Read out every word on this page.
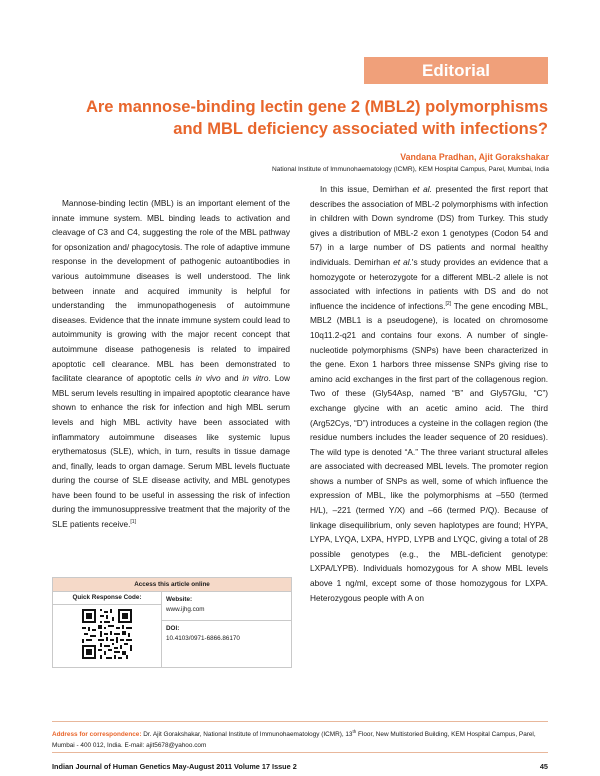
Editorial
Are mannose-binding lectin gene 2 (MBL2) polymorphisms
and MBL deficiency associated with infections?
Vandana Pradhan, Ajit Gorakshakar
National Institute of Immunohaematology (ICMR), KEM Hospital Campus, Parel, Mumbai, India

Mannose-binding lectin (MBL) is an important element of the innate immune system. MBL binding leads to activation and cleavage of C3 and C4, suggesting the role of the MBL pathway for opsonization and/ phagocytosis. The role of adaptive immune response in the development of pathogenic autoantibodies in various autoimmune diseases is well understood. The link between innate and acquired immunity is helpful for understanding the immunopathogenesis of autoimmune diseases. Evidence that the innate immune system could lead to autoimmunity is growing with the major recent concept that autoimmune disease pathogenesis is related to impaired apoptotic cell clearance. MBL has been demonstrated to facilitate clearance of apoptotic cells in vivo and in vitro. Low MBL serum levels resulting in impaired apoptotic clearance have shown to enhance the risk for infection and high MBL serum levels and high MBL activity have been associated with inflammatory autoimmune diseases like systemic lupus erythematosus (SLE), which, in turn, results in tissue damage and, finally, leads to organ damage. Serum MBL levels fluctuate during the course of SLE disease activity, and MBL genotypes have been found to be useful in assessing the risk of infection during the immunosuppressive treatment that the majority of the SLE patients receive.[1]

In this issue, Demirhan et al. presented the first report that describes the association of MBL-2 polymorphisms with infection in children with Down syndrome (DS) from Turkey. This study gives a distribution of MBL-2 exon 1 genotypes (Codon 54 and 57) in a large number of DS patients and normal healthy individuals. Demirhan et al.'s study provides an evidence that a homozygote or heterozygote for a different MBL-2 allele is not associated with infections in patients with DS and do not influence the incidence of infections.[2] The gene encoding MBL, MBL2 (MBL1 is a pseudogene), is located on chromosome 10q11.2-q21 and contains four exons. A number of single-nucleotide polymorphisms (SNPs) have been characterized in the gene. Exon 1 harbors three missense SNPs giving rise to amino acid exchanges in the first part of the collagenous region. Two of these (Gly54Asp, named “B” and Gly57Glu, “C”) exchange glycine with an acetic amino acid. The third (Arg52Cys, “D”) introduces a cysteine in the collagen region (the residue numbers includes the leader sequence of 20 residues). The wild type is denoted “A.” The three variant structural alleles are associated with decreased MBL levels. The promoter region shows a number of SNPs as well, some of which influence the expression of MBL, like the polymorphisms at –550 (termed H/L), –221 (termed Y/X) and –66 (termed P/Q). Because of linkage disequilibrium, only seven haplotypes are found; HYPA, LYPA, LYQA, LXPA, HYPD, LYPB and LYQC, giving a total of 28 possible genotypes (e.g., the MBL-deficient genotype: LXPA/LYPB). Individuals homozygous for A show MBL levels above 1 ng/ml, except some of those homozygous for LXPA. Heterozygous people with A on

Access this article online
Quick Response Code:	Website:
www.ijhg.com
DOI:
10.4103/0971-6866.86170
Address for correspondence: Dr. Ajit Gorakshakar, National Institute of Immunohaematology (ICMR), 13th Floor, New Multistoried Building, KEM Hospital Campus, Parel, Mumbai - 400 012, India. E-mail: ajit5678@yahoo.com
Indian Journal of Human Genetics May-August 2011 Volume 17 Issue 2	45
